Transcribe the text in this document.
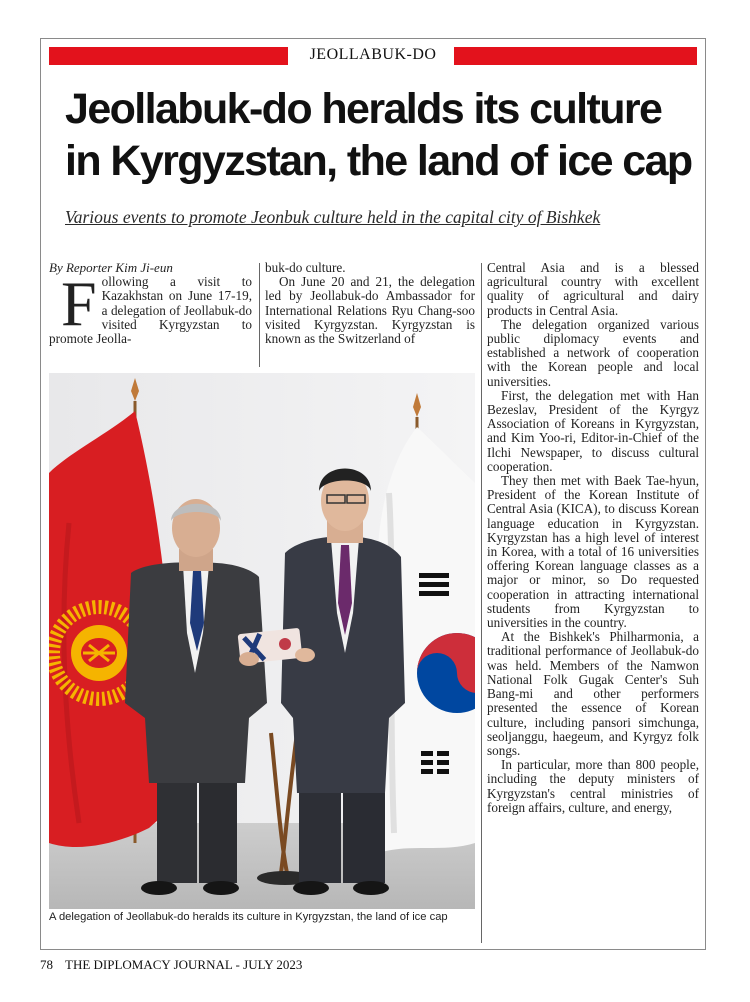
JEOLLABUK-DO
Jeollabuk-do heralds its culture in Kyrgyzstan, the land of ice cap
Various events to promote Jeonbuk culture held in the capital city of Bishkek

By Reporter Kim Ji-eun

Following a visit to Kazakhstan on June 17-19, a delegation of Jeollabuk-do visited Kyrgyzstan to promote Jeolla-

buk-do culture.

On June 20 and 21, the delegation led by Jeollabuk-do Ambassador for International Relations Ryu Chang-soo visited Kyrgyzstan. Kyrgyzstan is known as the Switzerland of

Central Asia and is a blessed agricultural country with excellent quality of agricultural and dairy products in Central Asia.

The delegation organized various public diplomacy events and established a network of cooperation with the Korean people and local universities.

First, the delegation met with Han Bezeslav, President of the Kyrgyz Association of Koreans in Kyrgyzstan, and Kim Yoo-ri, Editor-in-Chief of the Ilchi Newspaper, to discuss cultural cooperation.

They then met with Baek Tae-hyun, President of the Korean Institute of Central Asia (KICA), to discuss Korean language education in Kyrgyzstan. Kyrgyzstan has a high level of interest in Korea, with a total of 16 universities offering Korean language classes as a major or minor, so Do requested cooperation in attracting international students from Kyrgyzstan to universities in the country.

At the Bishkek's Philharmonia, a traditional performance of Jeollabuk-do was held. Members of the Namwon National Folk Gugak Center's Suh Bang-mi and other performers presented the essence of Korean culture, including pansori simchunga, seoljanggu, haegeum, and Kyrgyz folk songs.

In particular, more than 800 people, including the deputy ministers of Kyrgyzstan's central ministries of foreign affairs, culture, and energy,

A delegation of Jeollabuk-do heralds its culture in Kyrgyzstan, the land of ice cap
78 THE DIPLOMACY JOURNAL - JULY 2023
